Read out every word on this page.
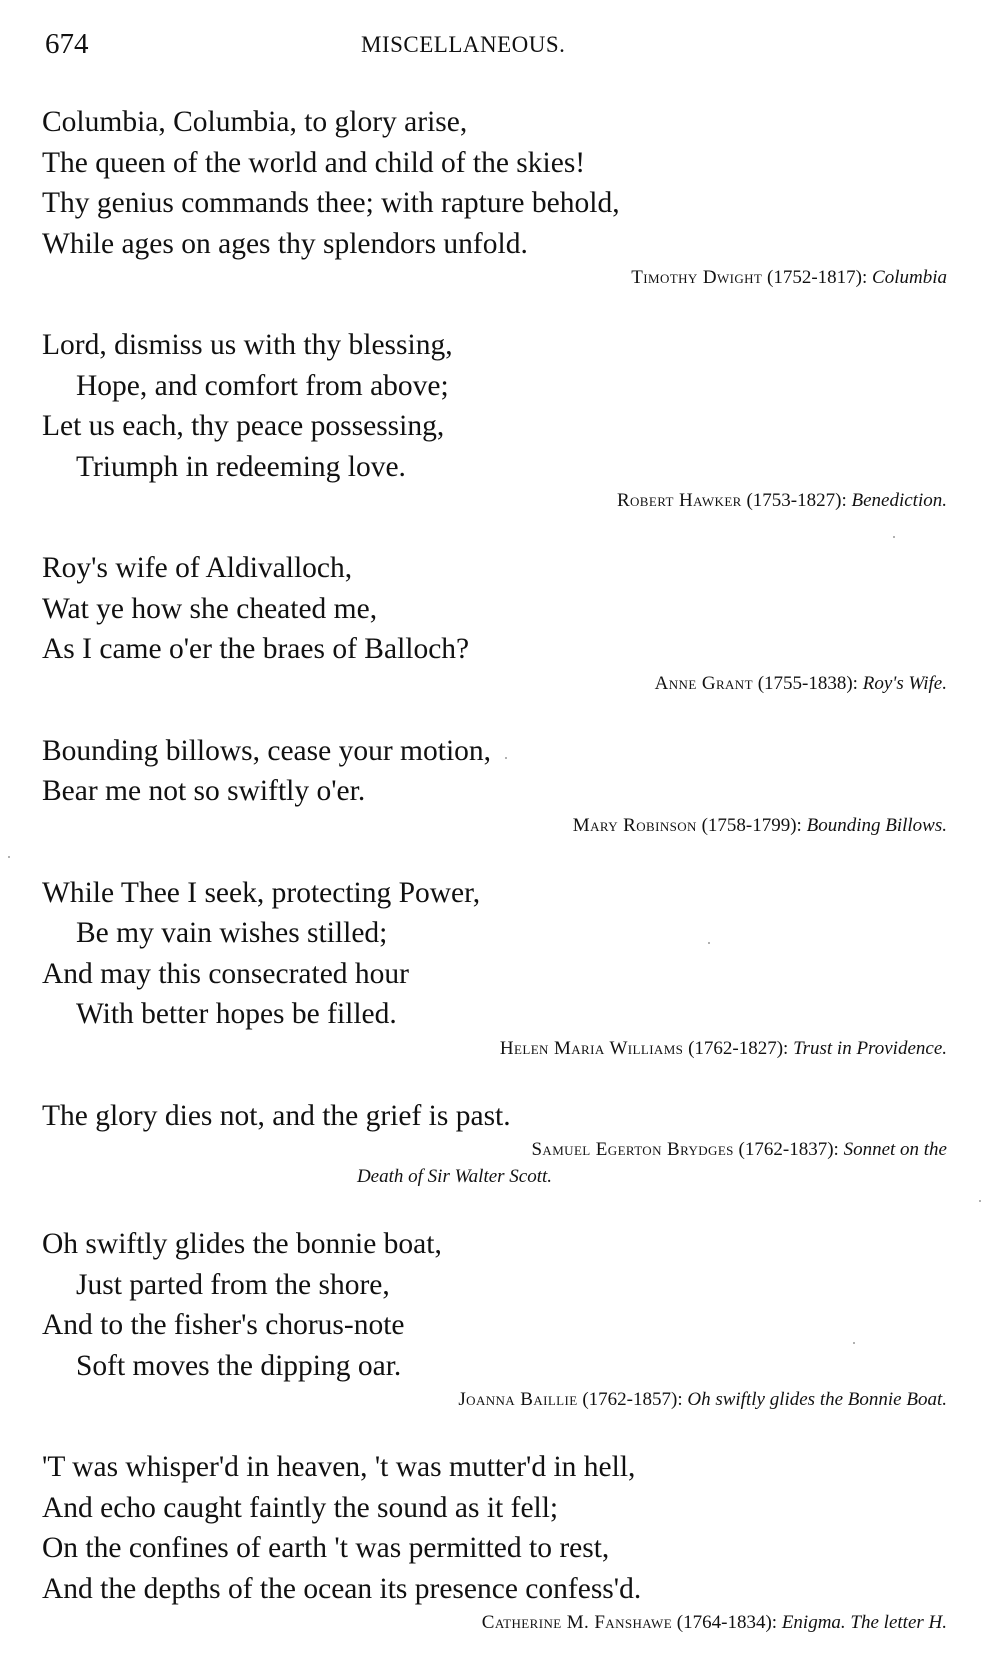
674	MISCELLANEOUS.
Columbia, Columbia, to glory arise,
The queen of the world and child of the skies!
Thy genius commands thee; with rapture behold,
While ages on ages thy splendors unfold.
Timothy Dwight (1752-1817): Columbia
Lord, dismiss us with thy blessing,
Hope, and comfort from above;
Let us each, thy peace possessing,
Triumph in redeeming love.
Robert Hawker (1753-1827): Benediction.
Roy's wife of Aldivalloch,
Wat ye how she cheated me,
As I came o'er the braes of Balloch?
Anne Grant (1755-1838): Roy's Wife.
Bounding billows, cease your motion,
Bear me not so swiftly o'er.
Mary Robinson (1758-1799): Bounding Billows.
While Thee I seek, protecting Power,
Be my vain wishes stilled;
And may this consecrated hour
With better hopes be filled.
Helen Maria Williams (1762-1827): Trust in Providence.
The glory dies not, and the grief is past.
Samuel Egerton Brydges (1762-1837): Sonnet on the
Death of Sir Walter Scott.
Oh swiftly glides the bonnie boat,
Just parted from the shore,
And to the fisher's chorus-note
Soft moves the dipping oar.
Joanna Baillie (1762-1857): Oh swiftly glides the Bonnie Boat.
'T was whisper'd in heaven, 't was mutter'd in hell,
And echo caught faintly the sound as it fell;
On the confines of earth 't was permitted to rest,
And the depths of the ocean its presence confess'd.
Catherine M. Fanshawe (1764-1834): Enigma. The letter H.
